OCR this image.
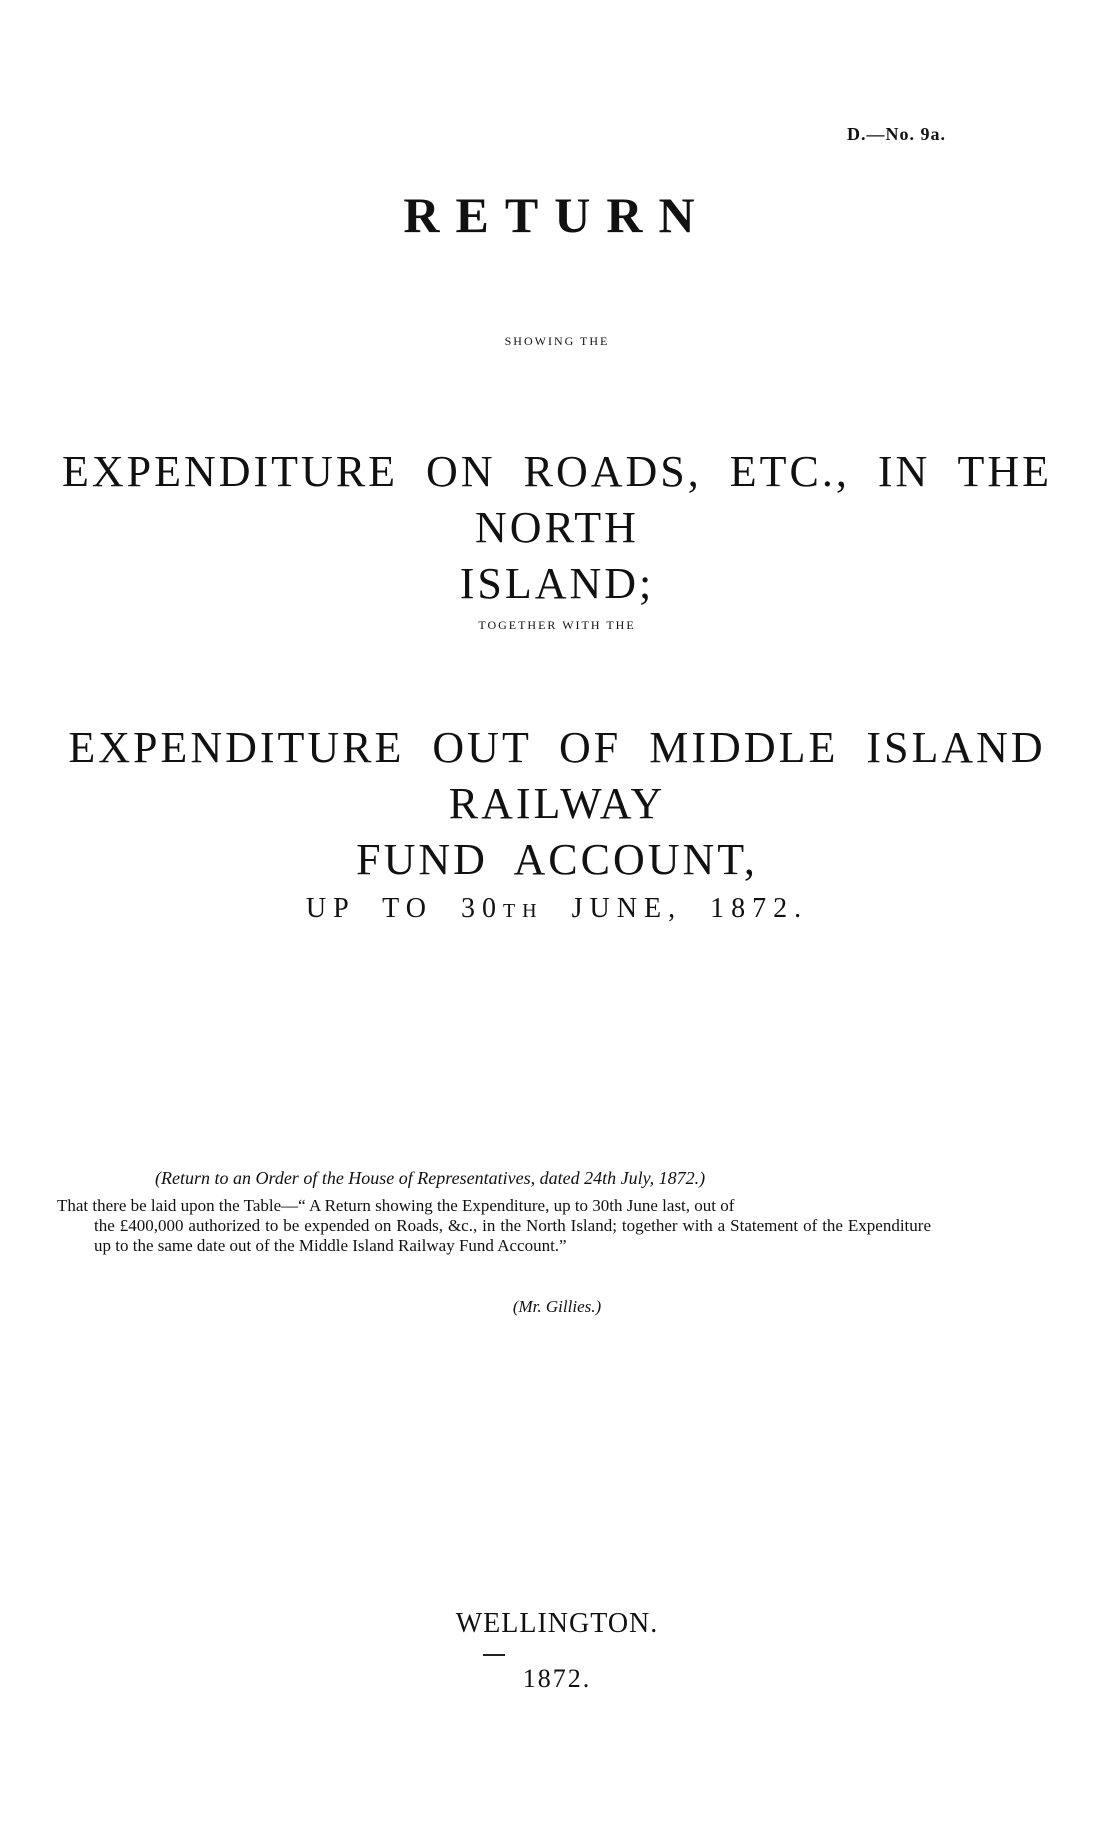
D.—No. 9a.
RETURN
SHOWING THE
EXPENDITURE ON ROADS, ETC., IN THE NORTH
ISLAND;
TOGETHER WITH THE
EXPENDITURE OUT OF MIDDLE ISLAND RAILWAY
FUND ACCOUNT,
UP TO 30TH JUNE, 1872.
(Return to an Order of the House of Representatives, dated 24th July, 1872.)
That there be laid upon the Table—“ A Return showing the Expenditure, up to 30th June last, out of
the £400,000 authorized to be expended on Roads, &c., in the North Island; together with a Statement of the Expenditure up to the same date out of the Middle Island Railway Fund Account.”
(Mr. Gillies.)
WELLINGTON.
1872.
